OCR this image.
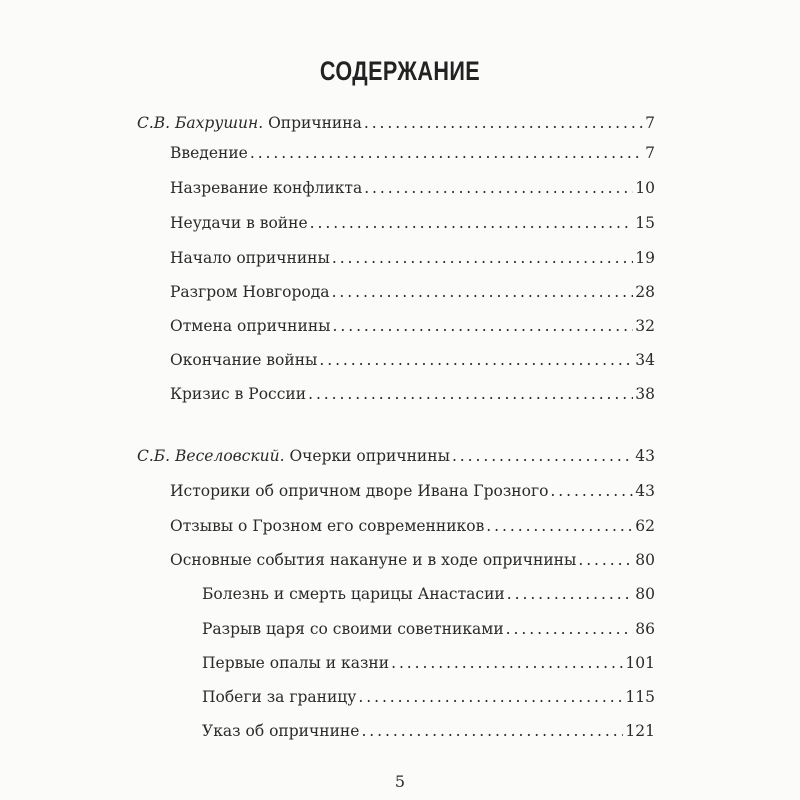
СОДЕРЖАНИЕ
С.В. Бахрушин. Опричнина . . .	7
Введение . . .	7
Назревание конфликта . . .	10
Неудачи в войне . . .	15
Начало опричнины . . .	19
Разгром Новгорода . . .	28
Отмена опричнины . . .	32
Окончание войны . . .	34
Кризис в России . . .	38
С.Б. Веселовский. Очерки опричнины . . .	43
Историки об опричном дворе Ивана Грозного . . .	43
Отзывы о Грозном его современников . . .	62
Основные события накануне и в ходе опричнины . . .	80
Болезнь и смерть царицы Анастасии . . .	80
Разрыв царя со своими советниками . . .	86
Первые опалы и казни . . .	101
Побеги за границу . . .	115
Указ об опричнине . . .	121
5
